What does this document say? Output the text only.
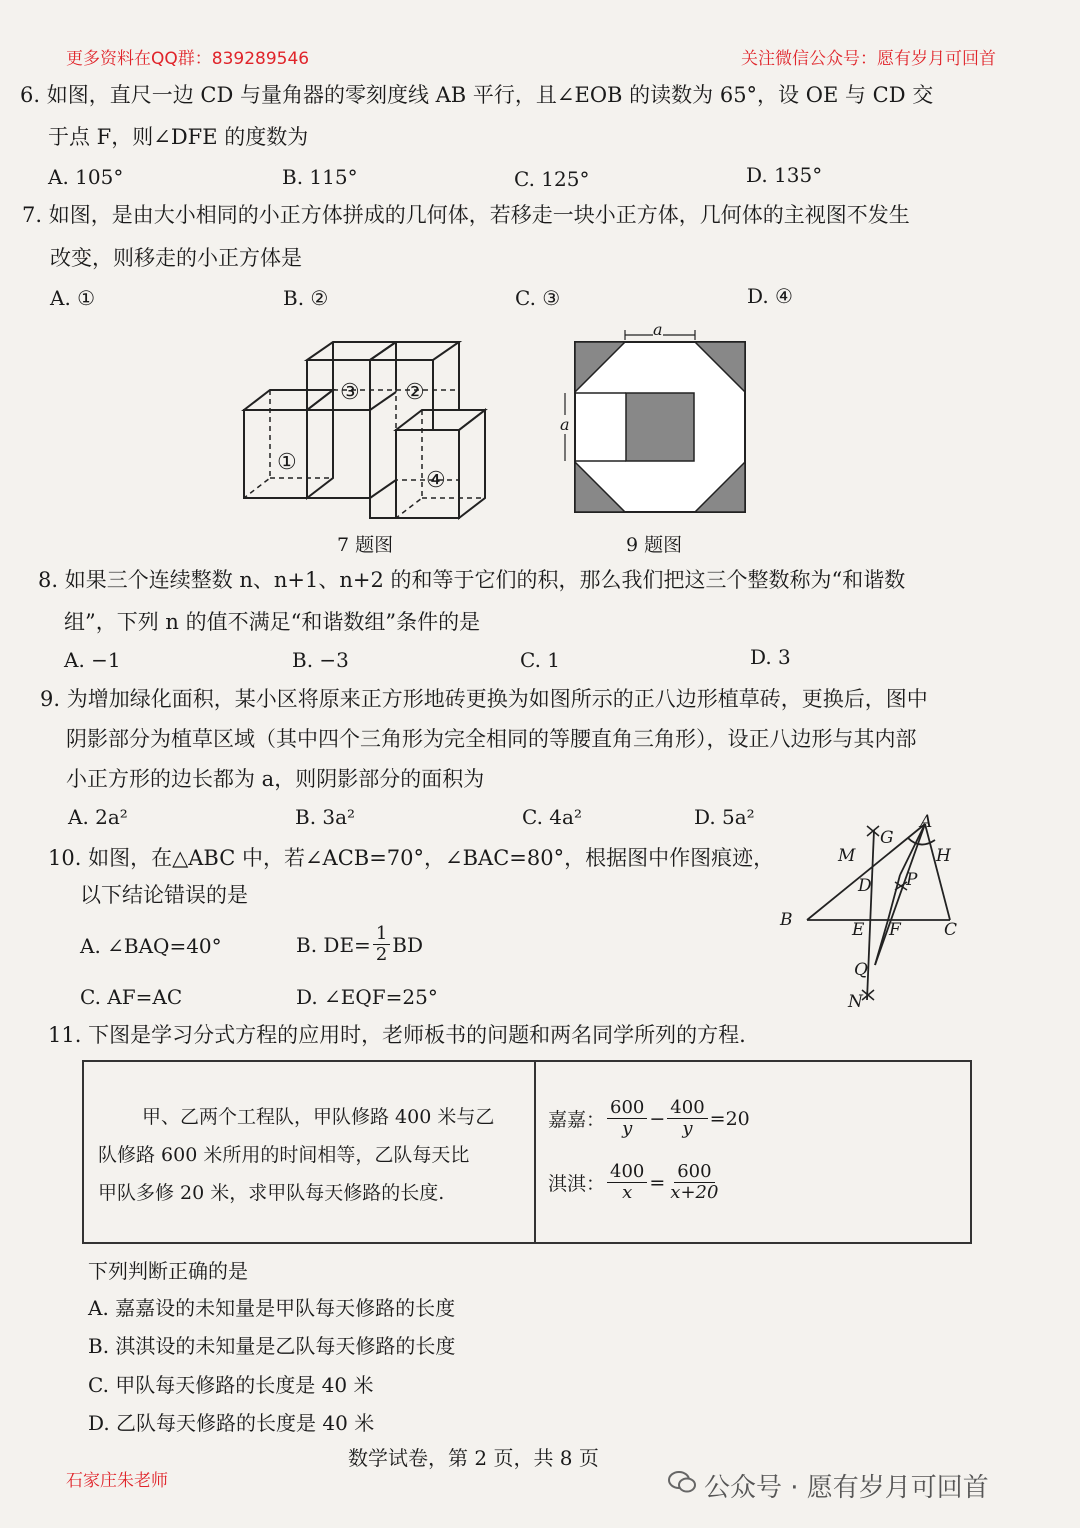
更多资料在QQ群：839289546	关注微信公众号：愿有岁月可回首
6. 如图，直尺一边 CD 与量角器的零刻度线 AB 平行，且∠EOB 的读数为 65°，设 OE 与 CD 交
于点 F，则∠DFE 的度数为
A. 105°	B. 115°	C. 125°	D. 135°
7. 如图，是由大小相同的小正方体拼成的几何体，若移走一块小正方体，几何体的主视图不发生
改变，则移走的小正方体是
A. ①	B. ②	C. ③	D. ④
①
②
③
④
7 题图
a
a
9 题图
8. 如果三个连续整数 n、n+1、n+2 的和等于它们的积，那么我们把这三个整数称为“和谐数
组”，下列 n 的值不满足“和谐数组”条件的是
A. −1	B. −3	C. 1	D. 3
9. 为增加绿化面积，某小区将原来正方形地砖更换为如图所示的正八边形植草砖，更换后，图中
阴影部分为植草区域（其中四个三角形为完全相同的等腰直角三角形），设正八边形与其内部
小正方形的边长都为 a，则阴影部分的面积为
A. 2a²	B. 3a²	C. 4a²	D. 5a²
10. 如图，在△ABC 中，若∠ACB=70°，∠BAC=80°，根据图中作图痕迹，
以下结论错误的是
A. ∠BAQ=40°	B. $DE= \frac{1}{2}$ BD
C. AF=AC	D. ∠EQF=25°
A
B	C
D
E F
G
H
M
N
P
Q
11. 下图是学习分式方程的应用时，老师板书的问题和两名同学所列的方程.
甲、乙两个工程队，甲队修路 400 米与乙
队修路 600 米所用的时间相等，乙队每天比
甲队多修 20 米，求甲队每天修路的长度.
嘉嘉： $\frac{600}{y} - \frac{400}{y} =20$
淇淇： $\frac{400}{x} = \frac{600}{x+20}$
下列判断正确的是
A. 嘉嘉设的未知量是甲队每天修路的长度
B. 淇淇设的未知量是乙队每天修路的长度
C. 甲队每天修路的长度是 40 米
D. 乙队每天修路的长度是 40 米
数学试卷，第 2 页，共 8 页
石家庄朱老师	公众号 · 愿有岁月可回首
